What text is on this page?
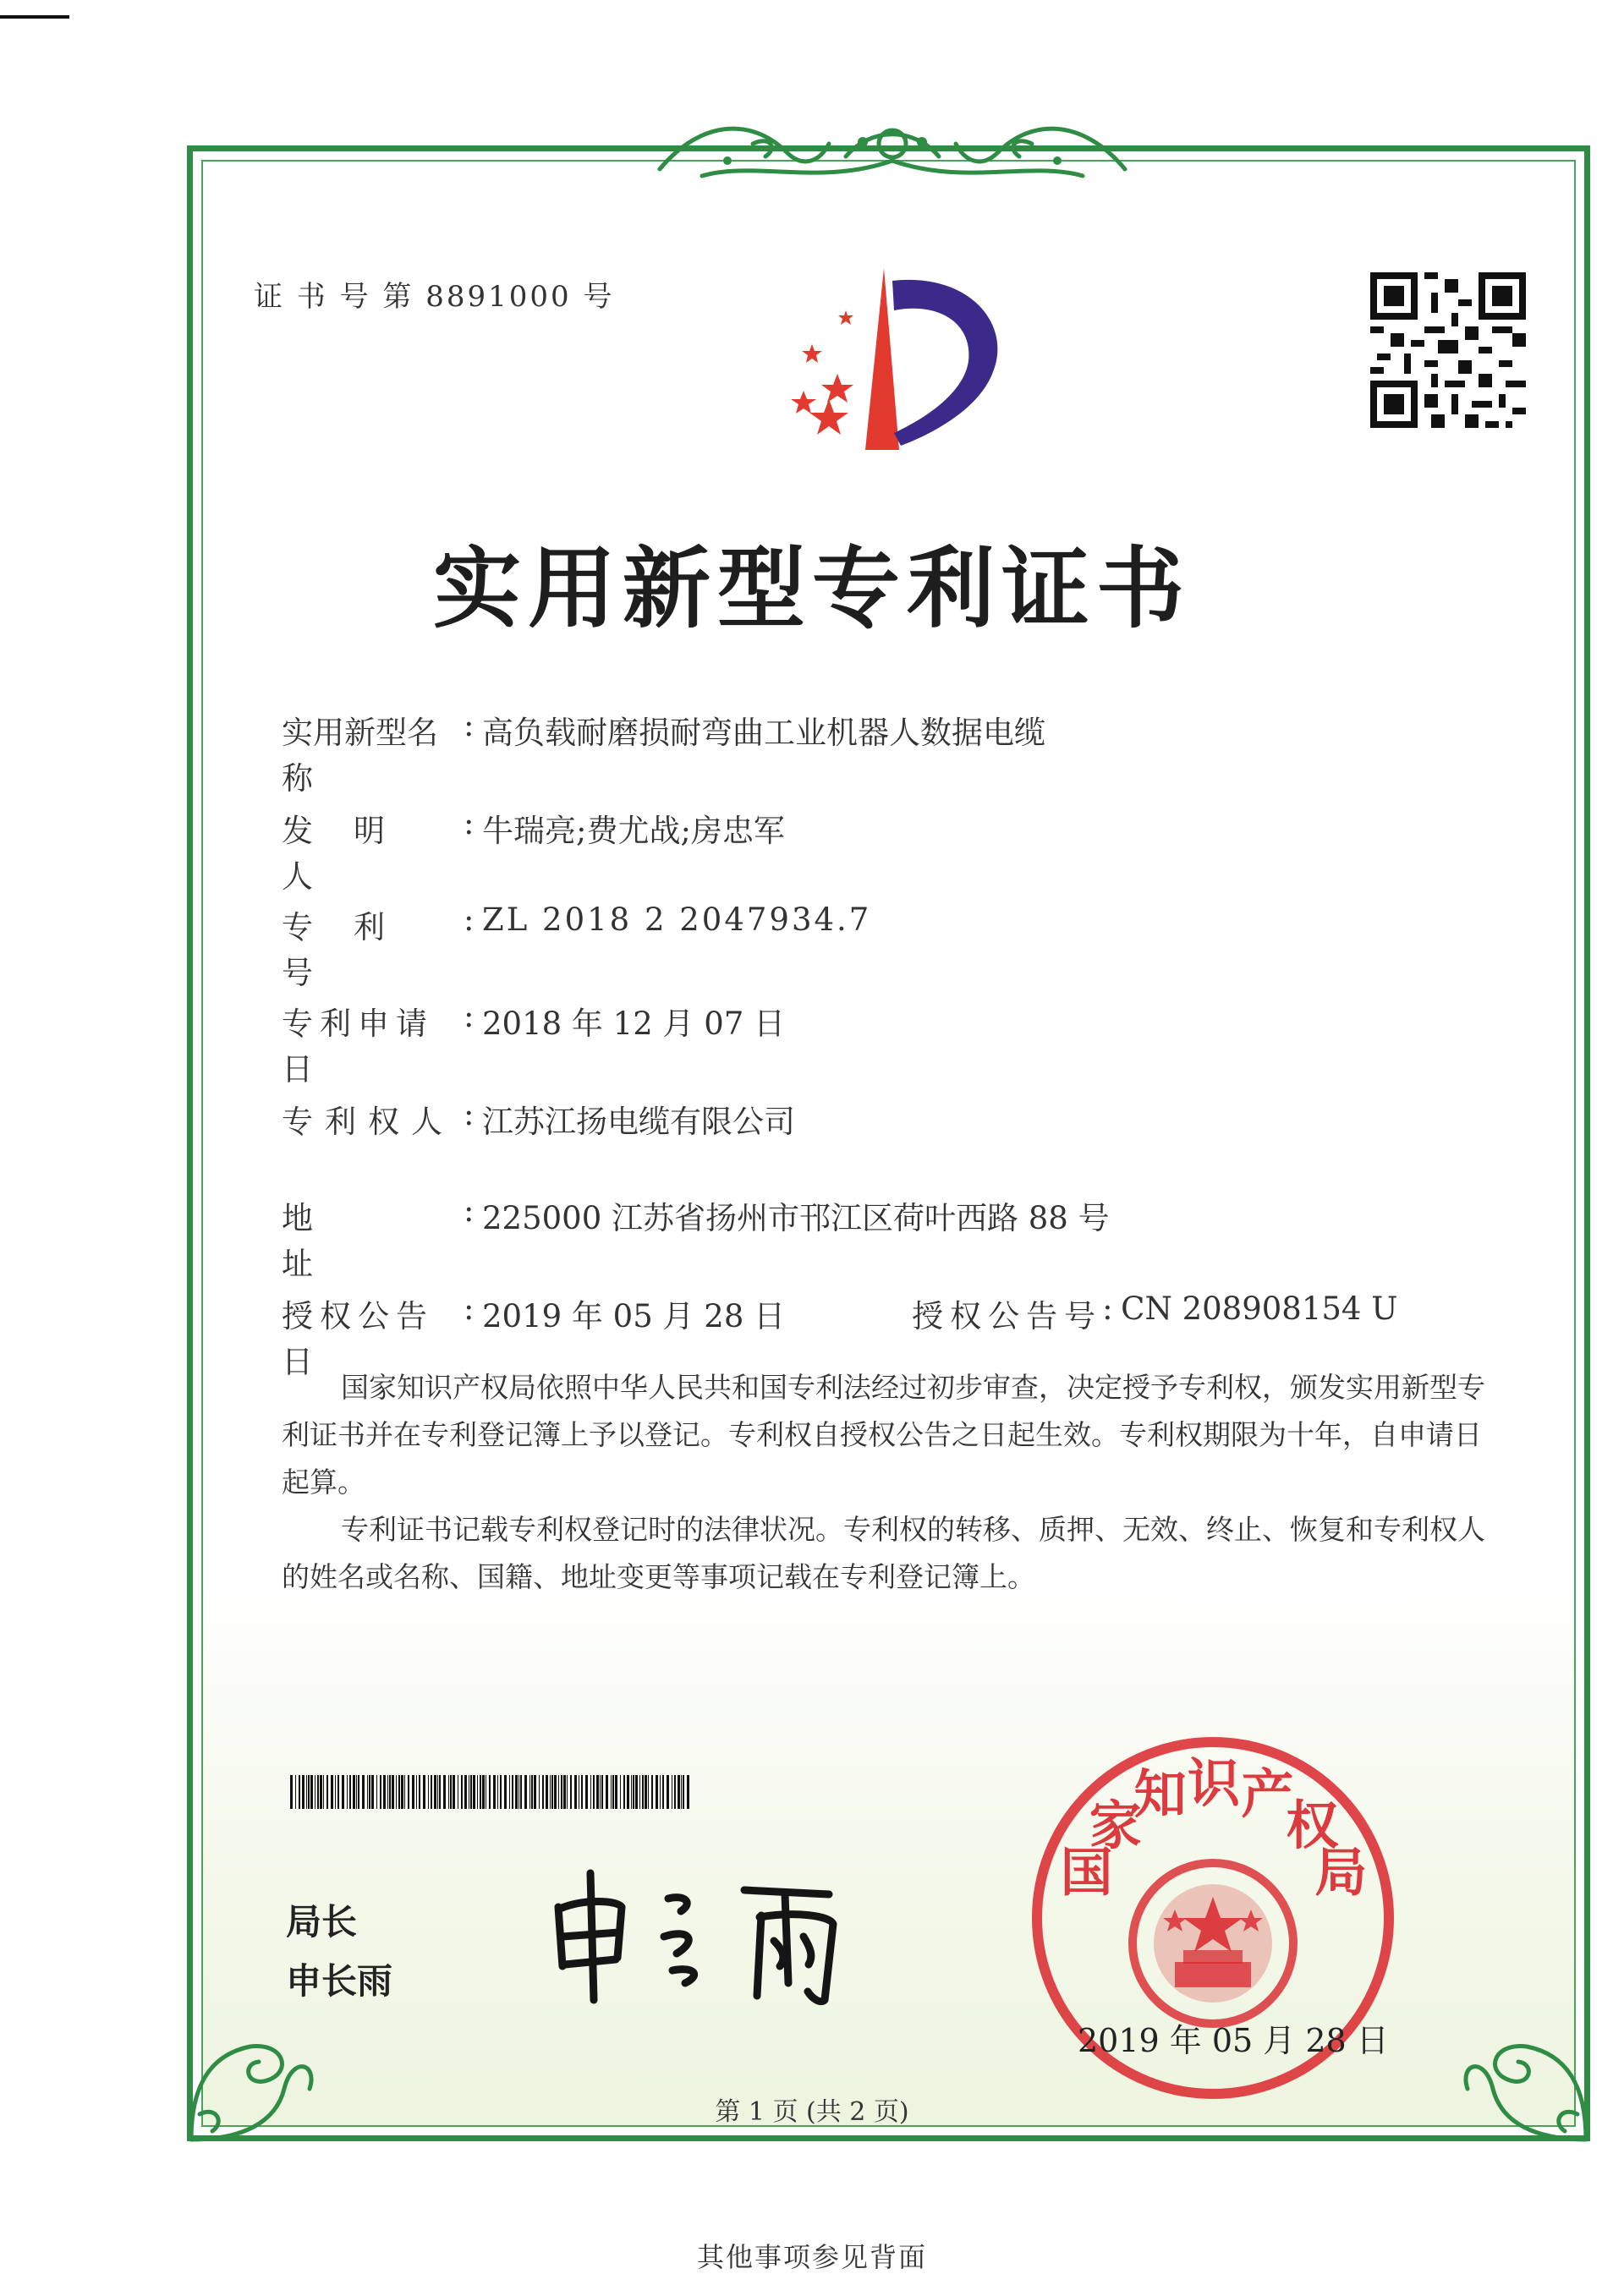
证 书 号 第 8891000 号
实用新型专利证书
实用新型名称
: 高负载耐磨损耐弯曲工业机器人数据电缆
发明人
: 牛瑞亮;费尤战;房忠军
专利号
: ZL 2018 2 2047934.7
专利申请日
: 2018 年 12 月 07 日
专利权人 : 江苏江扬电缆有限公司
地址
: 225000 江苏省扬州市邗江区荷叶西路 88 号
授权公告日
: 2019 年 05 月 28 日	授权公告号 : CN 208908154 U
国家知识产权局依照中华人民共和国专利法经过初步审查，决定授予专利权，颁发实用新型专利证书并在专利登记簿上予以登记。专利权自授权公告之日起生效。专利权期限为十年，自申请日起算。
专利证书记载专利权登记时的法律状况。专利权的转移、质押、无效、终止、恢复和专利权人的姓名或名称、国籍、地址变更等事项记载在专利登记簿上。
局长
申长雨
国家知识产权局
2019 年 05 月 28 日
第 1 页 (共 2 页)
其他事项参见背面
